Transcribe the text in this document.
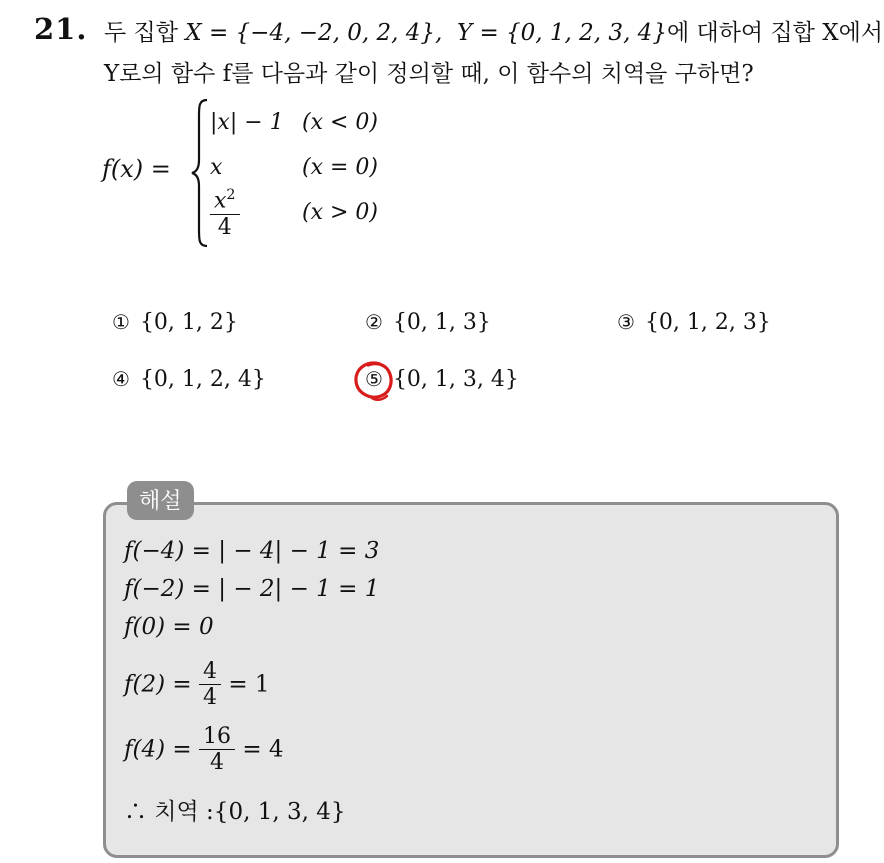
21. 두 집합 X = {−4, −2, 0, 2, 4}, Y = {0, 1, 2, 3, 4}에 대하여 집합 X에서
Y로의 함수 f를 다음과 같이 정의할 때, 이 함수의 치역을 구하면?
f(x) =
|x| − 1 (x < 0)
x	(x = 0)
$\frac{x^2}{4}$	(x > 0)
① {0, 1, 2}	② {0, 1, 3}	③ {0, 1, 2, 3}
④ {0, 1, 2, 4}	⑤ {0, 1, 3, 4}
해설
f(−4) = | − 4| − 1 = 3
f(−2) = | − 2| − 1 = 1
f(0) = 0
$f(2) = \frac{4}{4} = 1$
$f(4) = \frac{16}{4} = 4$
∴ 치역 :{0, 1, 3, 4}
